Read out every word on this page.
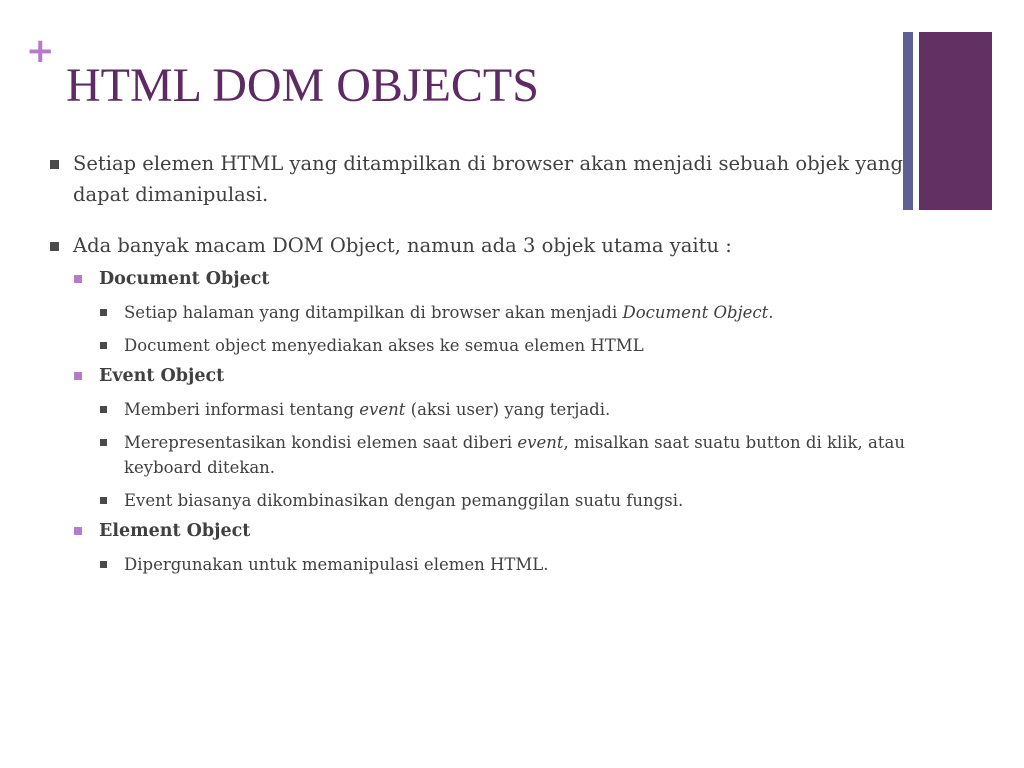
+
HTML DOM OBJECTS
Setiap elemen HTML yang ditampilkan di browser akan menjadi sebuah objek yang dapat dimanipulasi.
Ada banyak macam DOM Object, namun ada 3 objek utama yaitu :
Document Object
Setiap halaman yang ditampilkan di browser akan menjadi Document Object.
Document object menyediakan akses ke semua elemen HTML
Event Object
Memberi informasi tentang event (aksi user) yang terjadi.
Merepresentasikan kondisi elemen saat diberi event, misalkan saat suatu button di klik, atau keyboard ditekan.
Event biasanya dikombinasikan dengan pemanggilan suatu fungsi.
Element Object
Dipergunakan untuk memanipulasi elemen HTML.
